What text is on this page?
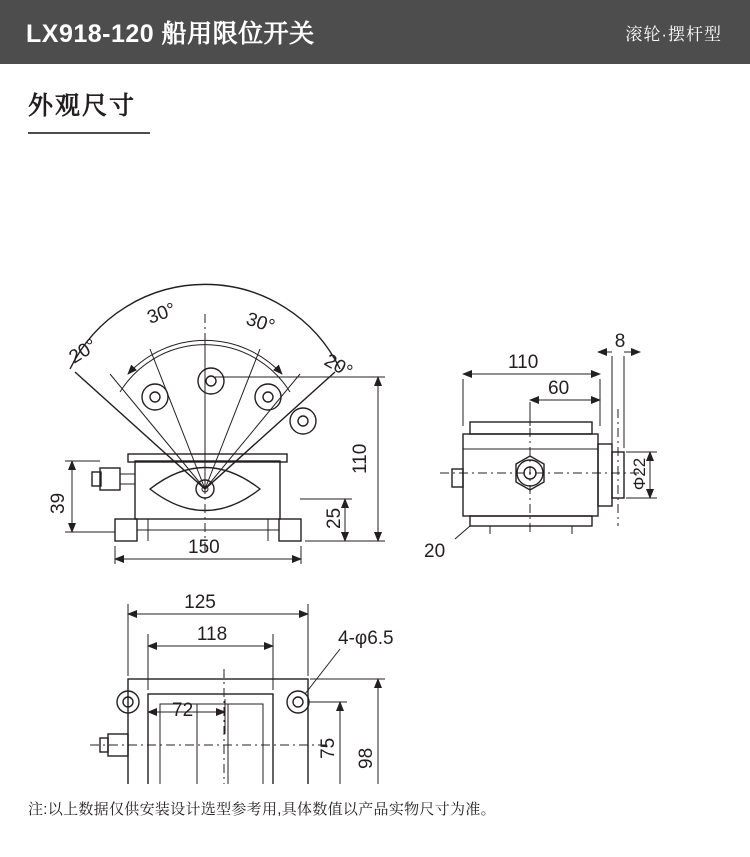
LX918-120 船用限位开关	滚轮·摆杆型
外观尺寸
30°	30°
20°	20°
110
25
39
150
110
60
8
Φ22
20
125
118
72
4-φ6.5
75 98
注:以上数据仅供安装设计选型参考用,具体数值以产品实物尺寸为准。
